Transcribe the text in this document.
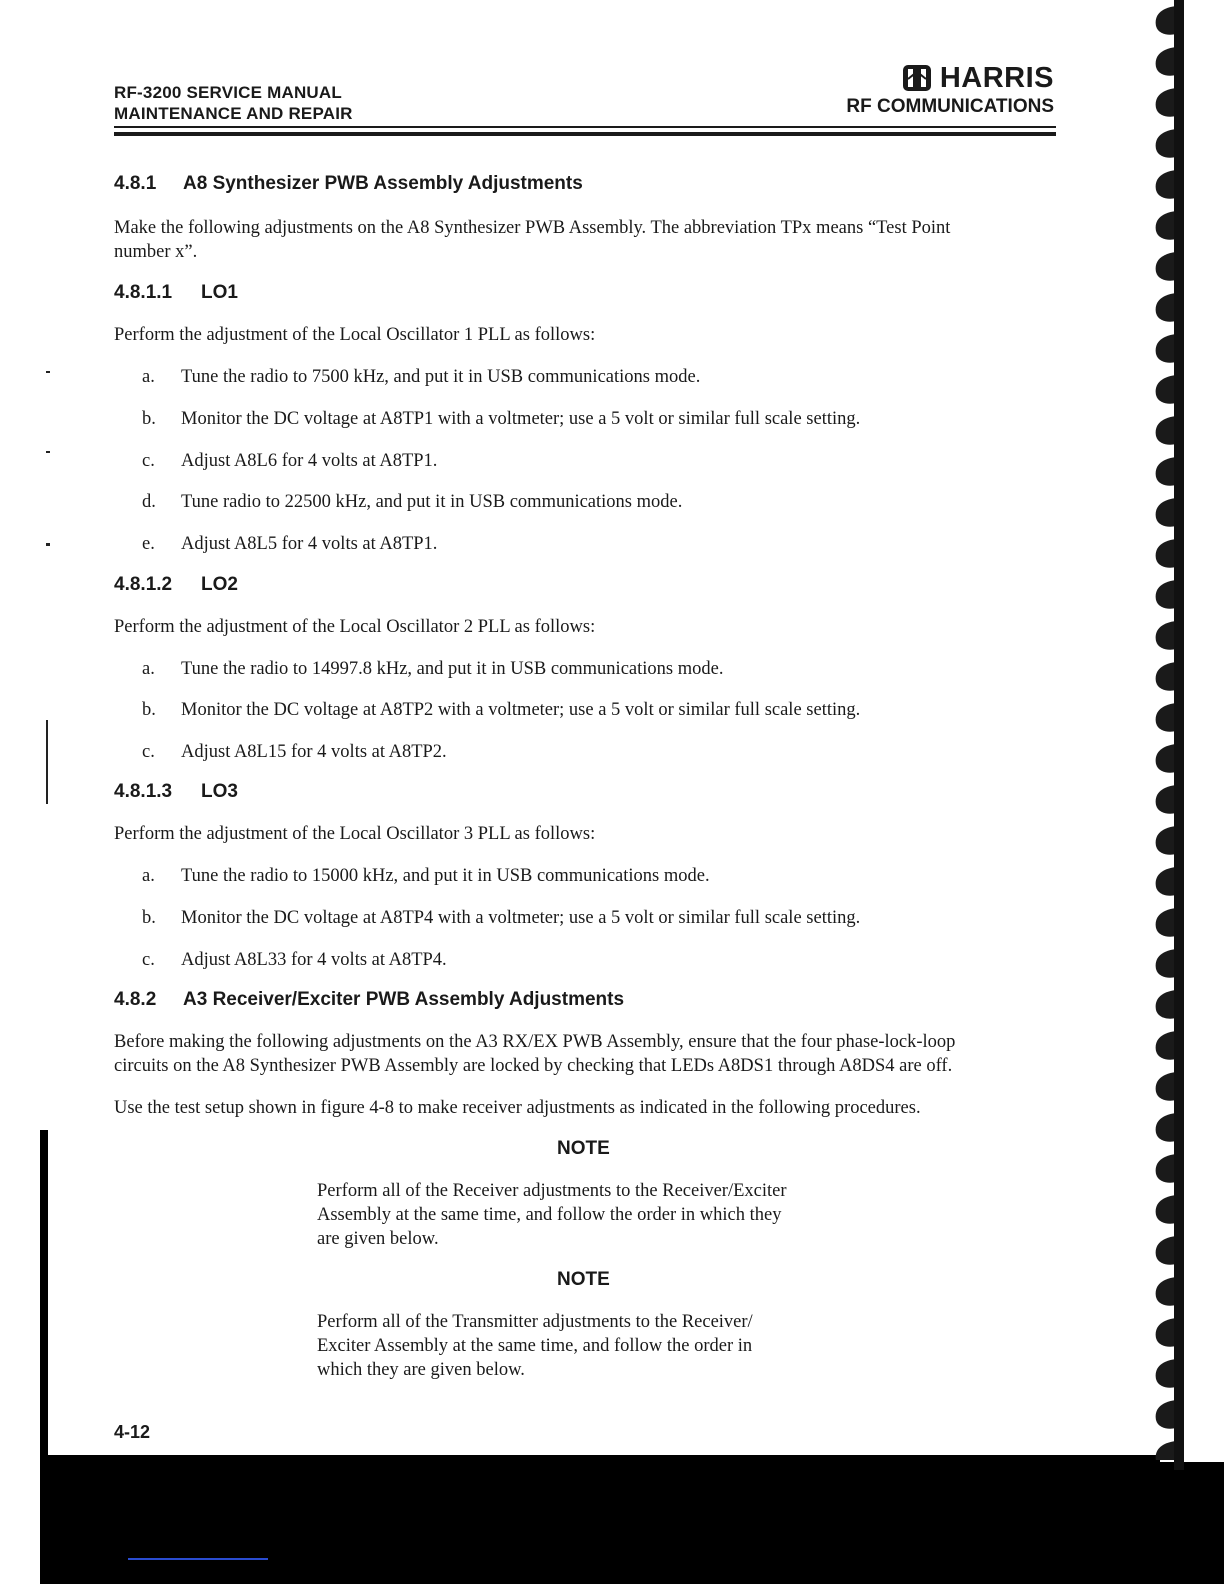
RF-3200 SERVICE MANUAL
MAINTENANCE AND REPAIR
HARRIS
RF COMMUNICATIONS
4.8.1 A8 Synthesizer PWB Assembly Adjustments
Make the following adjustments on the A8 Synthesizer PWB Assembly. The abbreviation TPx means “Test Point
number x”.
4.8.1.1 LO1
Perform the adjustment of the Local Oscillator 1 PLL as follows:
a. Tune the radio to 7500 kHz, and put it in USB communications mode.
b. Monitor the DC voltage at A8TP1 with a voltmeter; use a 5 volt or similar full scale setting.
c. Adjust A8L6 for 4 volts at A8TP1.
d. Tune radio to 22500 kHz, and put it in USB communications mode.
e. Adjust A8L5 for 4 volts at A8TP1.
4.8.1.2 LO2
Perform the adjustment of the Local Oscillator 2 PLL as follows:
a. Tune the radio to 14997.8 kHz, and put it in USB communications mode.
b. Monitor the DC voltage at A8TP2 with a voltmeter; use a 5 volt or similar full scale setting.
c. Adjust A8L15 for 4 volts at A8TP2.
4.8.1.3 LO3
Perform the adjustment of the Local Oscillator 3 PLL as follows:
a. Tune the radio to 15000 kHz, and put it in USB communications mode.
b. Monitor the DC voltage at A8TP4 with a voltmeter; use a 5 volt or similar full scale setting.
c. Adjust A8L33 for 4 volts at A8TP4.
4.8.2 A3 Receiver/Exciter PWB Assembly Adjustments
Before making the following adjustments on the A3 RX/EX PWB Assembly, ensure that the four phase-lock-loop
circuits on the A8 Synthesizer PWB Assembly are locked by checking that LEDs A8DS1 through A8DS4 are off.
Use the test setup shown in figure 4-8 to make receiver adjustments as indicated in the following procedures.
NOTE
Perform all of the Receiver adjustments to the Receiver/Exciter
Assembly at the same time, and follow the order in which they
are given below.
NOTE
Perform all of the Transmitter adjustments to the Receiver/
Exciter Assembly at the same time, and follow the order in
which they are given below.
4-12
